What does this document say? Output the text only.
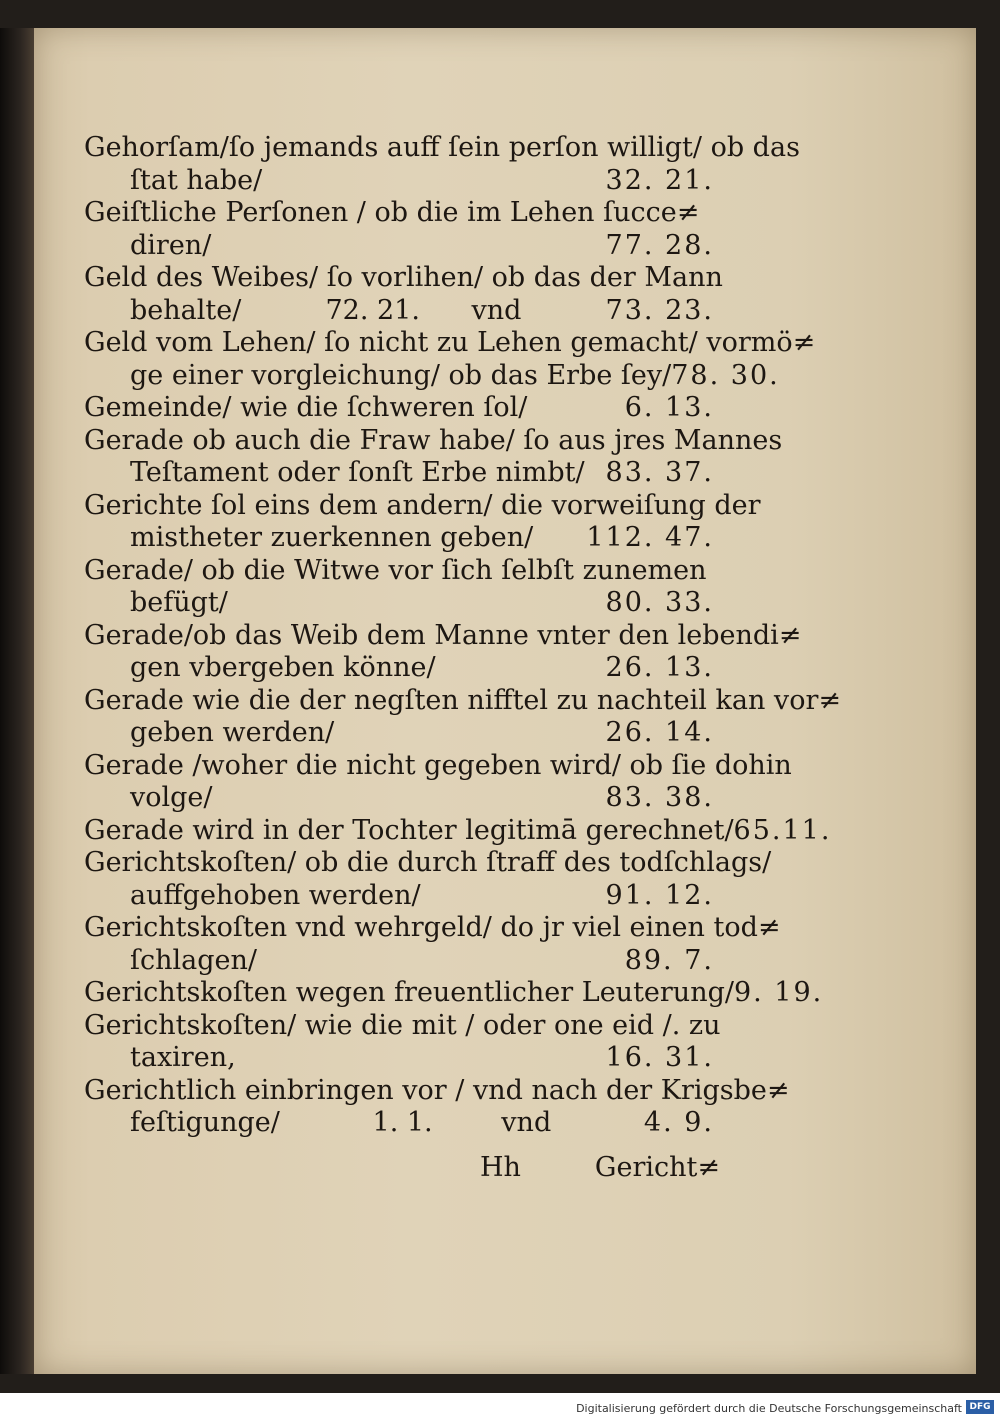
Gehorſam/ſo jemands auff ſein perſon willigt/ ob das
ſtat habe/	32. 21.
Geiſtliche Perſonen / ob die im Lehen ſucce≠
diren/	77. 28.
Geld des Weibes/ ſo vorlihen/ ob das der Mann
behalte/	72. 21.      vnd	73. 23.
Geld vom Lehen/ ſo nicht zu Lehen gemacht/ vormö≠
ge einer vorgleichung/ ob das Erbe ſey/ 78. 30.
Gemeinde/ wie die ſchweren ſol/	6. 13.
Gerade ob auch die Fraw habe/ ſo aus jres Mannes
Teſtament oder ſonſt Erbe nimbt/ 83. 37.
Gerichte ſol eins dem andern/ die vorweiſung der
mistheter zuerkennen geben/ 112. 47.
Gerade/ ob die Witwe vor ſich ſelbſt zunemen
befügt/	80. 33.
Gerade/ob das Weib dem Manne vnter den lebendi≠
gen vbergeben könne/	26. 13.
Gerade wie die der negſten nifftel zu nachteil kan vor≠
geben werden/	26. 14.
Gerade /woher die nicht gegeben wird/ ob ſie dohin
volge/	83. 38.
Gerade wird in der Tochter legitimā gerechnet/ 65.11.
Gerichtskoſten/ ob die durch ſtraff des todſchlags/
auffgehoben werden/	91. 12.
Gerichtskoſten vnd wehrgeld/ do jr viel einen tod≠
ſchlagen/	89. 7.
Gerichtskoſten wegen freuentlicher Leuterung/ 9. 19.
Gerichtskoſten/ wie die mit / oder one eid /. zu
taxiren,	16. 31.
Gerichtlich einbringen vor / vnd nach der Krigsbe≠
feſtigunge/	1. 1.        vnd	4. 9.
Hh	Gericht≠
Digitalisierung gefördert durch die Deutsche Forschungsgemeinschaft DFG
